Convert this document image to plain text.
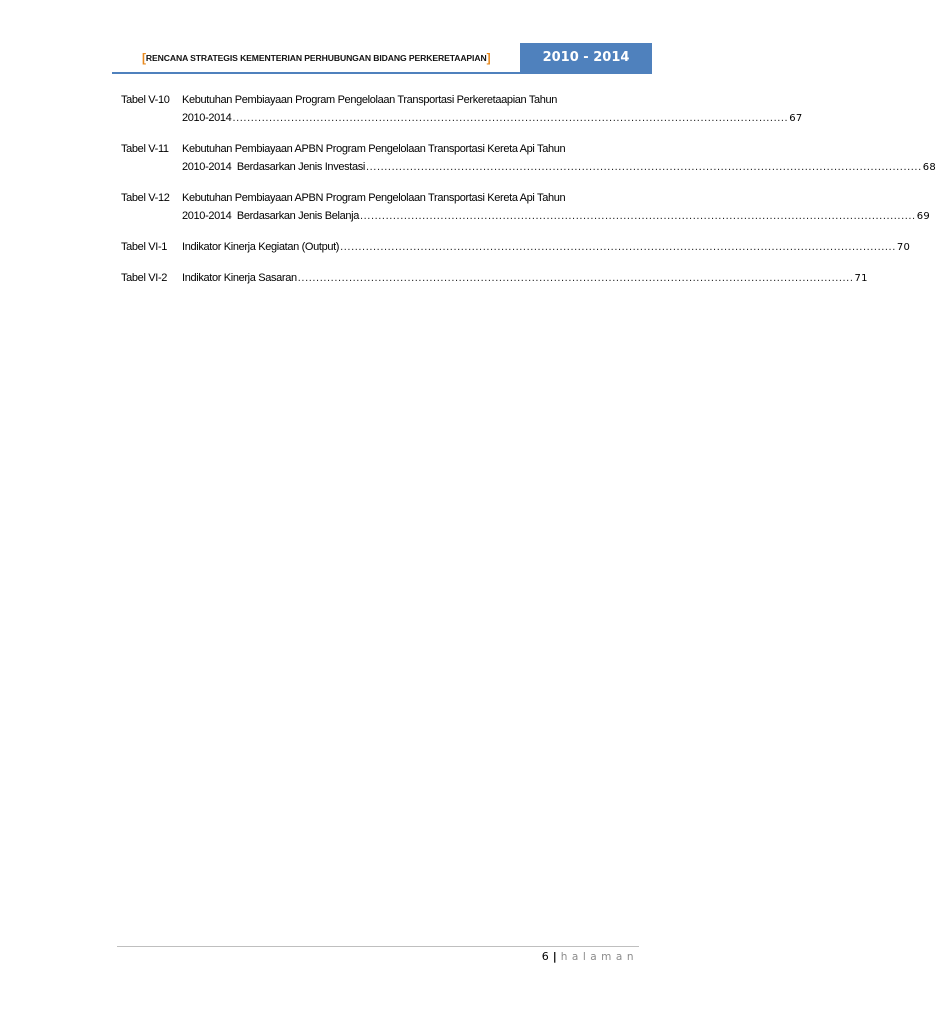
[RENCANA STRATEGIS KEMENTERIAN PERHUBUNGAN BIDANG PERKERETAAPIAN]	2010 - 2014
Tabel V-10	Kebutuhan Pembiayaan Program Pengelolaan Transportasi Perkeretaapian Tahun
2010-2014 ........................................................................................................................................................ 67
Tabel V-11	Kebutuhan Pembiayaan APBN Program Pengelolaan Transportasi Kereta Api Tahun
2010-2014  Berdasarkan Jenis Investasi ........................................................................................................................................................ 68
Tabel V-12	Kebutuhan Pembiayaan APBN Program Pengelolaan Transportasi Kereta Api Tahun
2010-2014  Berdasarkan Jenis Belanja ........................................................................................................................................................ 69
Tabel VI-1	Indikator Kinerja Kegiatan (Output) ........................................................................................................................................................ 70
Tabel VI-2	Indikator Kinerja Sasaran ........................................................................................................................................................ 71
6 | halaman
